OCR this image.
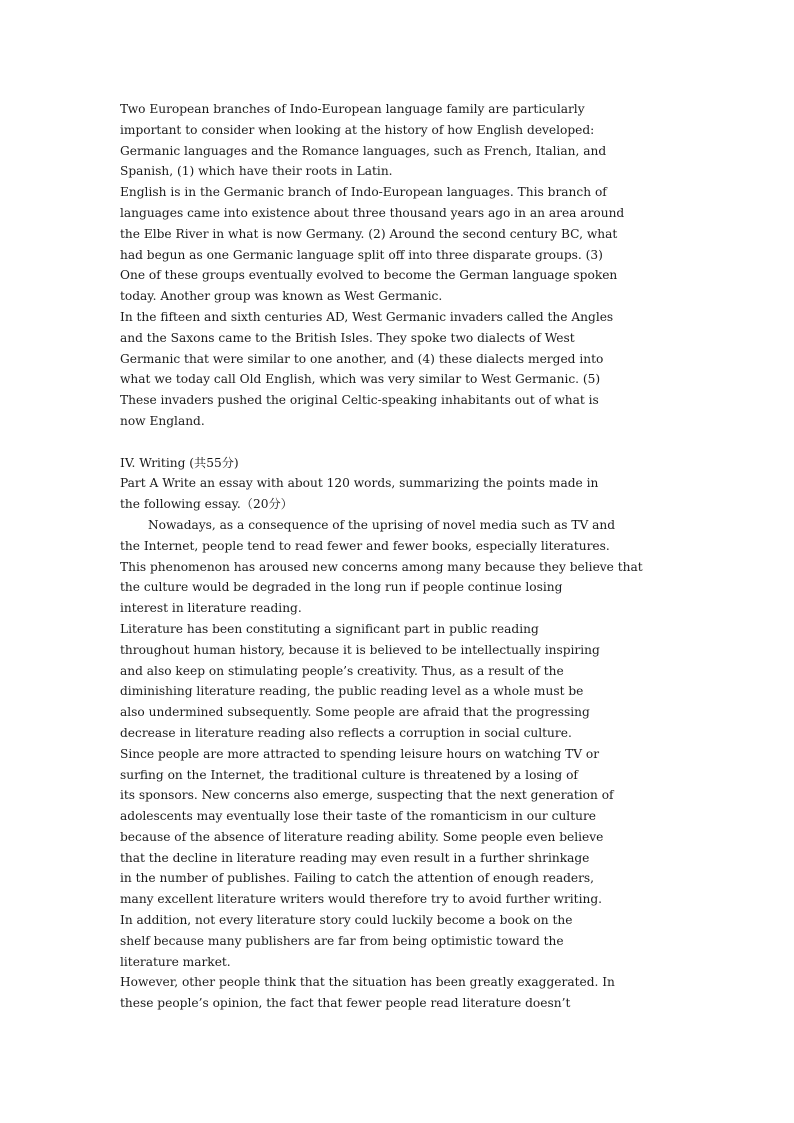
Two European branches of Indo-European language family are particularly
important to consider when looking at the history of how English developed:
Germanic languages and the Romance languages, such as French, Italian, and
Spanish, (1) which have their roots in Latin.

English is in the Germanic branch of Indo-European languages. This branch of
languages came into existence about three thousand years ago in an area around
the Elbe River in what is now Germany. (2) Around the second century BC, what
had begun as one Germanic language split off into three disparate groups. (3)
One of these groups eventually evolved to become the German language spoken
today. Another group was known as West Germanic.

In the fifteen and sixth centuries AD, West Germanic invaders called the Angles
and the Saxons came to the British Isles. They spoke two dialects of West
Germanic that were similar to one another, and (4) these dialects merged into
what we today call Old English, which was very similar to West Germanic. (5)
These invaders pushed the original Celtic-speaking inhabitants out of what is
now England.

IV. Writing (共55分)

Part A Write an essay with about 120 words, summarizing the points made in
the following essay.（20分）

Nowadays, as a consequence of the uprising of novel media such as TV and
the Internet, people tend to read fewer and fewer books, especially literatures.
This phenomenon has aroused new concerns among many because they believe that
the culture would be degraded in the long run if people continue losing
interest in literature reading.

Literature has been constituting a significant part in public reading
throughout human history, because it is believed to be intellectually inspiring
and also keep on stimulating people’s creativity. Thus, as a result of the
diminishing literature reading, the public reading level as a whole must be
also undermined subsequently. Some people are afraid that the progressing
decrease in literature reading also reflects a corruption in social culture.
Since people are more attracted to spending leisure hours on watching TV or
surfing on the Internet, the traditional culture is threatened by a losing of
its sponsors. New concerns also emerge, suspecting that the next generation of
adolescents may eventually lose their taste of the romanticism in our culture
because of the absence of literature reading ability. Some people even believe
that the decline in literature reading may even result in a further shrinkage
in the number of publishes. Failing to catch the attention of enough readers,
many excellent literature writers would therefore try to avoid further writing.
In addition, not every literature story could luckily become a book on the
shelf because many publishers are far from being optimistic toward the
literature market.

However, other people think that the situation has been greatly exaggerated. In
these people’s opinion, the fact that fewer people read literature doesn’t
